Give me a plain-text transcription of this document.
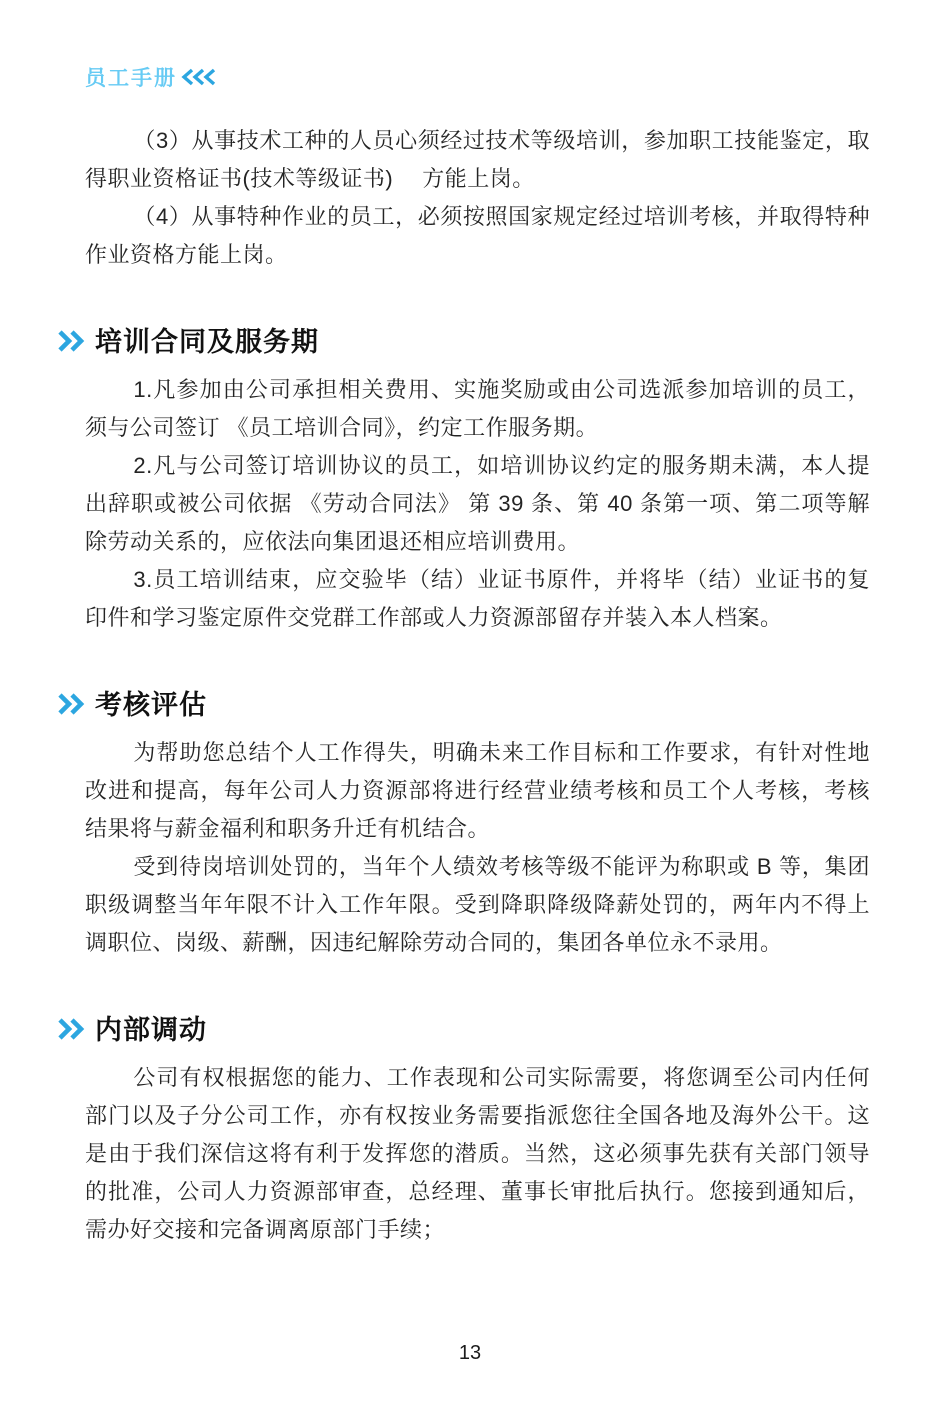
员工手册

（3）从事技术工种的人员心须经过技术等级培训，参加职工技能鉴定，取得职业资格证书(技术等级证书)　 方能上岗。

（4）从事特种作业的员工，必须按照国家规定经过培训考核，并取得特种作业资格方能上岗。

培训合同及服务期

1.凡参加由公司承担相关费用、实施奖励或由公司选派参加培训的员工，须与公司签订 《员工培训合同》，约定工作服务期。

2.凡与公司签订培训协议的员工，如培训协议约定的服务期未满，本人提出辞职或被公司依据 《劳动合同法》 第 39 条、第 40 条第一项、第二项等解除劳动关系的，应依法向集团退还相应培训费用。

3.员工培训结束，应交验毕（结）业证书原件，并将毕（结）业证书的复印件和学习鉴定原件交党群工作部或人力资源部留存并装入本人档案。

考核评估

为帮助您总结个人工作得失，明确未来工作目标和工作要求，有针对性地改进和提高，每年公司人力资源部将进行经营业绩考核和员工个人考核，考核结果将与薪金福利和职务升迁有机结合。

受到待岗培训处罚的，当年个人绩效考核等级不能评为称职或 B 等，集团职级调整当年年限不计入工作年限。受到降职降级降薪处罚的，两年内不得上调职位、岗级、薪酬，因违纪解除劳动合同的，集团各单位永不录用。

内部调动

公司有权根据您的能力、工作表现和公司实际需要，将您调至公司内任何部门以及子分公司工作，亦有权按业务需要指派您往全国各地及海外公干。这是由于我们深信这将有利于发挥您的潜质。当然，这必须事先获有关部门领导的批准，公司人力资源部审查，总经理、董事长审批后执行。您接到通知后，需办好交接和完备调离原部门手续；

13
